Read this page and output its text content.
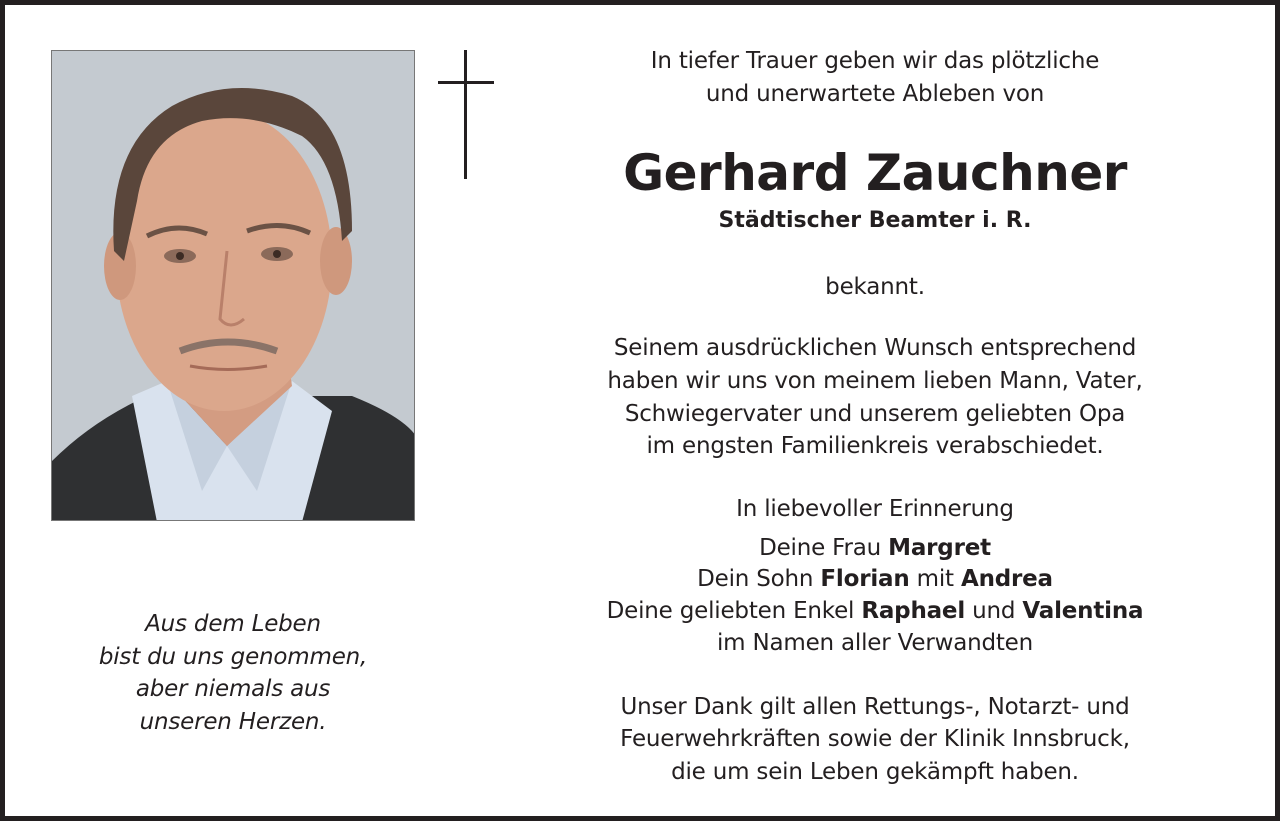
Aus dem Leben
bist du uns genommen,
aber niemals aus
unseren Herzen.
In tiefer Trauer geben wir das plötzliche
und unerwartete Ableben von
Gerhard Zauchner
Städtischer Beamter i. R.
bekannt.
Seinem ausdrücklichen Wunsch entsprechend
haben wir uns von meinem lieben Mann, Vater,
Schwiegervater und unserem geliebten Opa
im engsten Familienkreis verabschiedet.
In liebevoller Erinnerung
Deine Frau Margret
Dein Sohn Florian mit Andrea
Deine geliebten Enkel Raphael und Valentina
im Namen aller Verwandten
Unser Dank gilt allen Rettungs-, Notarzt- und
Feuerwehrkräften sowie der Klinik Innsbruck,
die um sein Leben gekämpft haben.
